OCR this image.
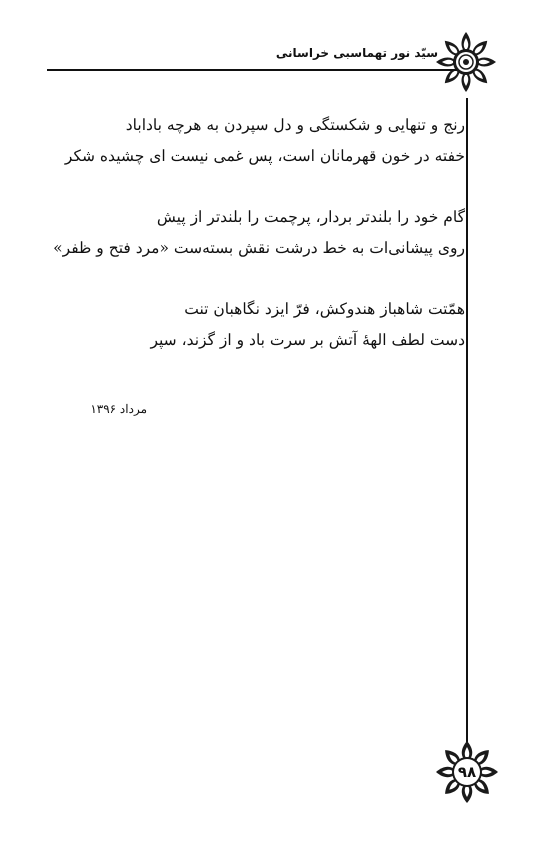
سیّد نور تهماسبی خراسانی
رنج و تنهایی و شکستگی و دل سپردن به هرچه باداباد
خفته در خون قهرمانان است، پس غمی نیست ای چشیده شکر
گام خود را بلندتر بردار، پرچمت را بلندتر از پیش
روی پیشانی‌ات به خط درشت نقش بسته‌ست «مرد فتح و ظفر»
همّتت شاهباز هندوکش، فرّ ایزد نگاهبان تنت
دست لطف الههٔ آتش بر سرت باد و از گزند، سپر
مرداد ۱۳۹۶
۹۸
